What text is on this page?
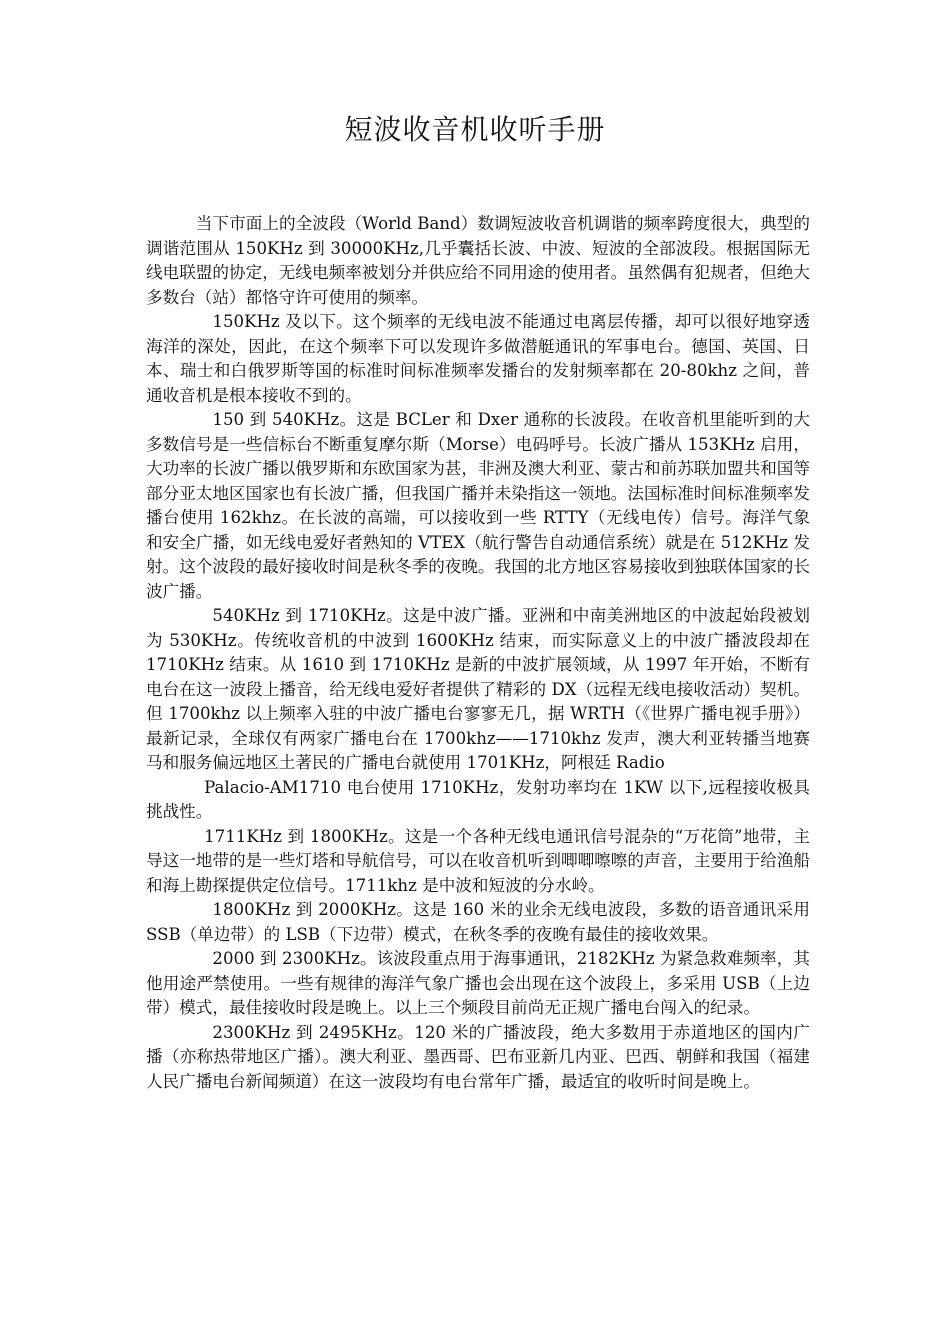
短波收音机收听手册

当下市面上的全波段（World Band）数调短波收音机调谐的频率跨度很大，典型的调谐范围从 150KHz 到 30000KHz,几乎囊括长波、中波、短波的全部波段。根据国际无线电联盟的协定，无线电频率被划分并供应给不同用途的使用者。虽然偶有犯规者，但绝大多数台（站）都恪守许可使用的频率。

150KHz 及以下。这个频率的无线电波不能通过电离层传播，却可以很好地穿透海洋的深处，因此，在这个频率下可以发现许多做潜艇通讯的军事电台。德国、英国、日本、瑞士和白俄罗斯等国的标准时间标准频率发播台的发射频率都在 20-80khz 之间，普通收音机是根本接收不到的。

150 到 540KHz。这是 BCLer 和 Dxer 通称的长波段。在收音机里能听到的大多数信号是一些信标台不断重复摩尔斯（Morse）电码呼号。长波广播从 153KHz 启用，大功率的长波广播以俄罗斯和东欧国家为甚，非洲及澳大利亚、蒙古和前苏联加盟共和国等部分亚太地区国家也有长波广播，但我国广播并未染指这一领地。法国标准时间标准频率发播台使用 162khz。在长波的高端，可以接收到一些 RTTY（无线电传）信号。海洋气象和安全广播，如无线电爱好者熟知的 VTEX（航行警告自动通信系统）就是在 512KHz 发射。这个波段的最好接收时间是秋冬季的夜晚。我国的北方地区容易接收到独联体国家的长波广播。

540KHz 到 1710KHz。这是中波广播。亚洲和中南美洲地区的中波起始段被划为 530KHz。传统收音机的中波到 1600KHz 结束，而实际意义上的中波广播波段却在 1710KHz 结束。从 1610 到 1710KHz 是新的中波扩展领域，从 1997 年开始，不断有电台在这一波段上播音，给无线电爱好者提供了精彩的 DX（远程无线电接收活动）契机。但 1700khz 以上频率入驻的中波广播电台寥寥无几，据 WRTH（《世界广播电视手册》）最新记录，全球仅有两家广播电台在 1700khz——1710khz 发声，澳大利亚转播当地赛马和服务偏远地区土著民的广播电台就使用 1701KHz，阿根廷 Radio

Palacio-AM1710 电台使用 1710KHz，发射功率均在 1KW 以下,远程接收极具挑战性。

1711KHz 到 1800KHz。这是一个各种无线电通讯信号混杂的“万花筒”地带，主导这一地带的是一些灯塔和导航信号，可以在收音机听到唧唧嚓嚓的声音，主要用于给渔船和海上勘探提供定位信号。1711khz 是中波和短波的分水岭。

1800KHz 到 2000KHz。这是 160 米的业余无线电波段，多数的语音通讯采用 SSB（单边带）的 LSB（下边带）模式，在秋冬季的夜晚有最佳的接收效果。

2000 到 2300KHz。该波段重点用于海事通讯，2182KHz 为紧急救难频率，其他用途严禁使用。一些有规律的海洋气象广播也会出现在这个波段上，多采用 USB（上边带）模式，最佳接收时段是晚上。以上三个频段目前尚无正规广播电台闯入的纪录。

2300KHz 到 2495KHz。120 米的广播波段，绝大多数用于赤道地区的国内广播（亦称热带地区广播）。澳大利亚、墨西哥、巴布亚新几内亚、巴西、朝鲜和我国（福建人民广播电台新闻频道）在这一波段均有电台常年广播，最适宜的收听时间是晚上。
